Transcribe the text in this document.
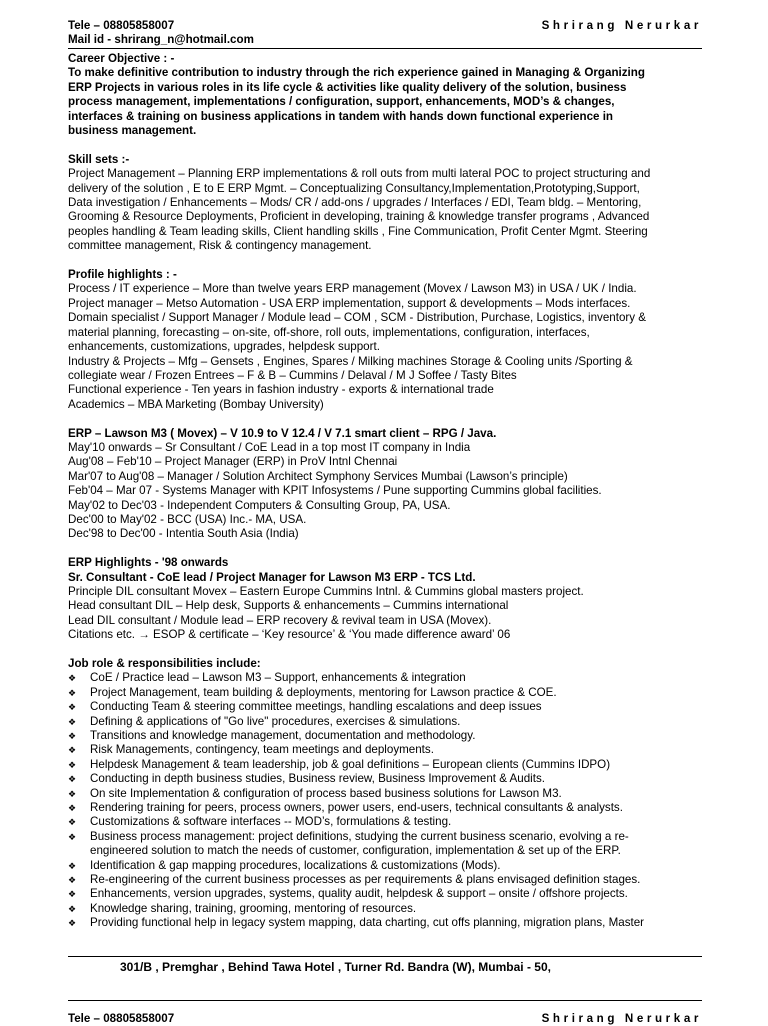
Tele – 08805858007
Mail id - shrirang_n@hotmail.com
Shrirang Nerurkar
Career Objective : -
To make definitive contribution to industry through the rich experience gained in Managing & Organizing
ERP Projects in various roles in its life cycle & activities like quality delivery of the solution, business
process management, implementations / configuration, support, enhancements, MOD’s & changes,
interfaces & training on business applications in tandem with hands down functional experience in
business management.
Skill sets :-
Project Management – Planning ERP implementations & roll outs from multi lateral POC to project structuring and
delivery of the solution , E to E ERP Mgmt. – Conceptualizing Consultancy,Implementation,Prototyping,Support,
Data investigation / Enhancements – Mods/ CR / add-ons / upgrades / Interfaces / EDI, Team bldg. – Mentoring,
Grooming & Resource Deployments, Proficient in developing, training & knowledge transfer programs , Advanced
peoples handling & Team leading skills, Client handling skills , Fine Communication, Profit Center Mgmt. Steering
committee management, Risk & contingency management.
Profile highlights : -
Process / IT experience – More than twelve years ERP management (Movex / Lawson M3) in USA / UK / India.
Project manager – Metso Automation - USA ERP implementation, support & developments – Mods interfaces.
Domain specialist / Support Manager / Module lead – COM , SCM - Distribution, Purchase, Logistics, inventory &
material planning, forecasting – on-site, off-shore, roll outs, implementations, configuration, interfaces,
enhancements, customizations, upgrades, helpdesk support.
Industry & Projects – Mfg – Gensets , Engines, Spares / Milking machines Storage & Cooling units /Sporting &
collegiate wear / Frozen Entrees – F & B – Cummins / Delaval / M J Soffee / Tasty Bites
Functional experience - Ten years in fashion industry - exports & international trade
Academics – MBA Marketing (Bombay University)
ERP – Lawson M3 ( Movex) – V 10.9 to V 12.4 / V 7.1 smart client – RPG / Java.
May'10 onwards – Sr Consultant / CoE Lead in a top most IT company in India
Aug'08 – Feb'10 – Project Manager (ERP) in ProV Intnl Chennai
Mar'07 to Aug'08 – Manager / Solution Architect Symphony Services Mumbai (Lawson’s principle)
Feb'04 – Mar 07 - Systems Manager with KPIT Infosystems / Pune supporting Cummins global facilities.
May'02 to Dec'03 - Independent Computers & Consulting Group, PA, USA.
Dec'00 to May'02 - BCC (USA) Inc.- MA, USA.
Dec'98 to Dec'00 - Intentia South Asia (India)
ERP Highlights - '98 onwards
Sr. Consultant - CoE lead / Project Manager for Lawson M3 ERP - TCS Ltd.
Principle DIL consultant Movex – Eastern Europe Cummins Intnl. & Cummins global masters project.
Head consultant DIL – Help desk, Supports & enhancements – Cummins international
Lead DIL consultant / Module lead – ERP recovery & revival team in USA (Movex).
Citations etc. → ESOP & certificate – ‘Key resource’ & ‘You made difference award’ 06
Job role & responsibilities include:
❖	CoE / Practice lead – Lawson M3 – Support, enhancements & integration
❖	Project Management, team building & deployments, mentoring for Lawson practice & COE.
❖	Conducting Team & steering committee meetings, handling escalations and deep issues
❖	Defining & applications of "Go live" procedures, exercises & simulations.
❖	Transitions and knowledge management, documentation and methodology.
❖	Risk Managements, contingency, team meetings and deployments.
❖	Helpdesk Management & team leadership, job & goal definitions – European clients (Cummins IDPO)
❖	Conducting in depth business studies, Business review, Business Improvement & Audits.
❖	On site Implementation & configuration of process based business solutions for Lawson M3.
❖	Rendering training for peers, process owners, power users, end-users, technical consultants & analysts.
❖	Customizations & software interfaces -- MOD’s, formulations & testing.
❖	Business process management: project definitions, studying the current business scenario, evolving a re-
engineered solution to match the needs of customer, configuration, implementation & set up of the ERP.
❖	Identification & gap mapping procedures, localizations & customizations (Mods).
❖	Re-engineering of the current business processes as per requirements & plans envisaged definition stages.
❖	Enhancements, version upgrades, systems, quality audit, helpdesk & support – onsite / offshore projects.
❖	Knowledge sharing, training, grooming, mentoring of resources.
❖	Providing functional help in legacy system mapping, data charting, cut offs planning, migration plans, Master
301/B , Premghar , Behind Tawa Hotel , Turner Rd. Bandra (W), Mumbai - 50,
Tele – 08805858007	Shrirang Nerurkar
